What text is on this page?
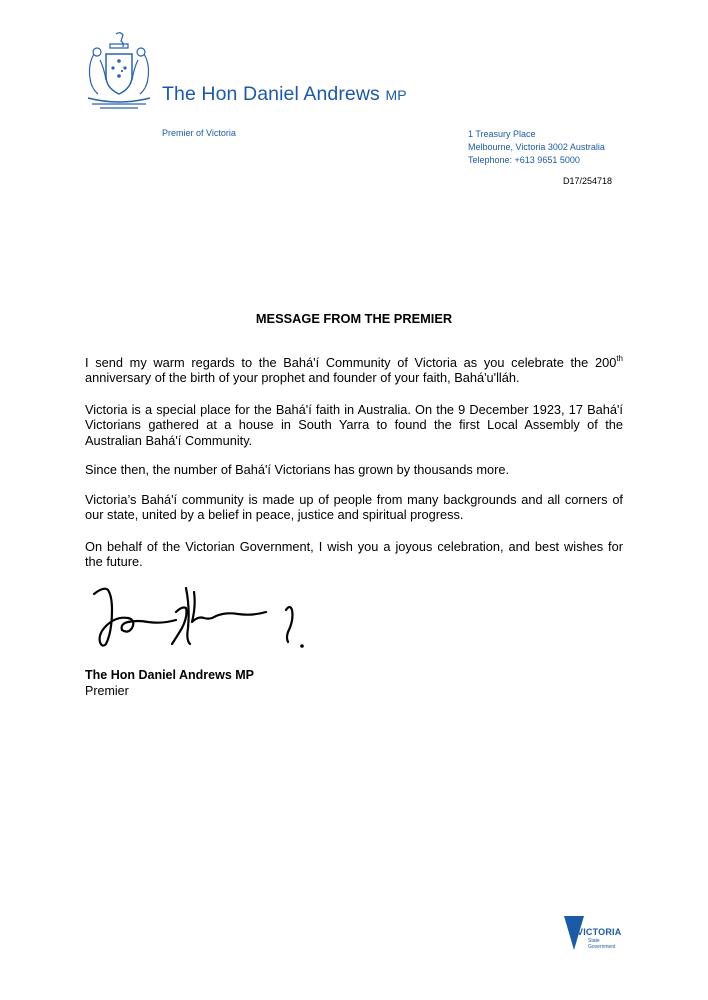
The Hon Daniel Andrews MP
Premier of Victoria	1 Treasury Place
Melbourne, Victoria 3002 Australia
Telephone: +613 9651 5000
D17/254718
MESSAGE FROM THE PREMIER
I send my warm regards to the Bahá'í Community of Victoria as you celebrate the 200th anniversary of the birth of your prophet and founder of your faith, Bahá'u'lláh.
Victoria is a special place for the Bahá'í faith in Australia. On the 9 December 1923, 17 Bahá'í Victorians gathered at a house in South Yarra to found the first Local Assembly of the Australian Bahá'í Community.
Since then, the number of Bahá'í Victorians has grown by thousands more.
Victoria’s Bahá'í community is made up of people from many backgrounds and all corners of our state, united by a belief in peace, justice and spiritual progress.
On behalf of the Victorian Government, I wish you a joyous celebration, and best wishes for the future.
The Hon Daniel Andrews MP
Premier
VICTORIA
State
Government
